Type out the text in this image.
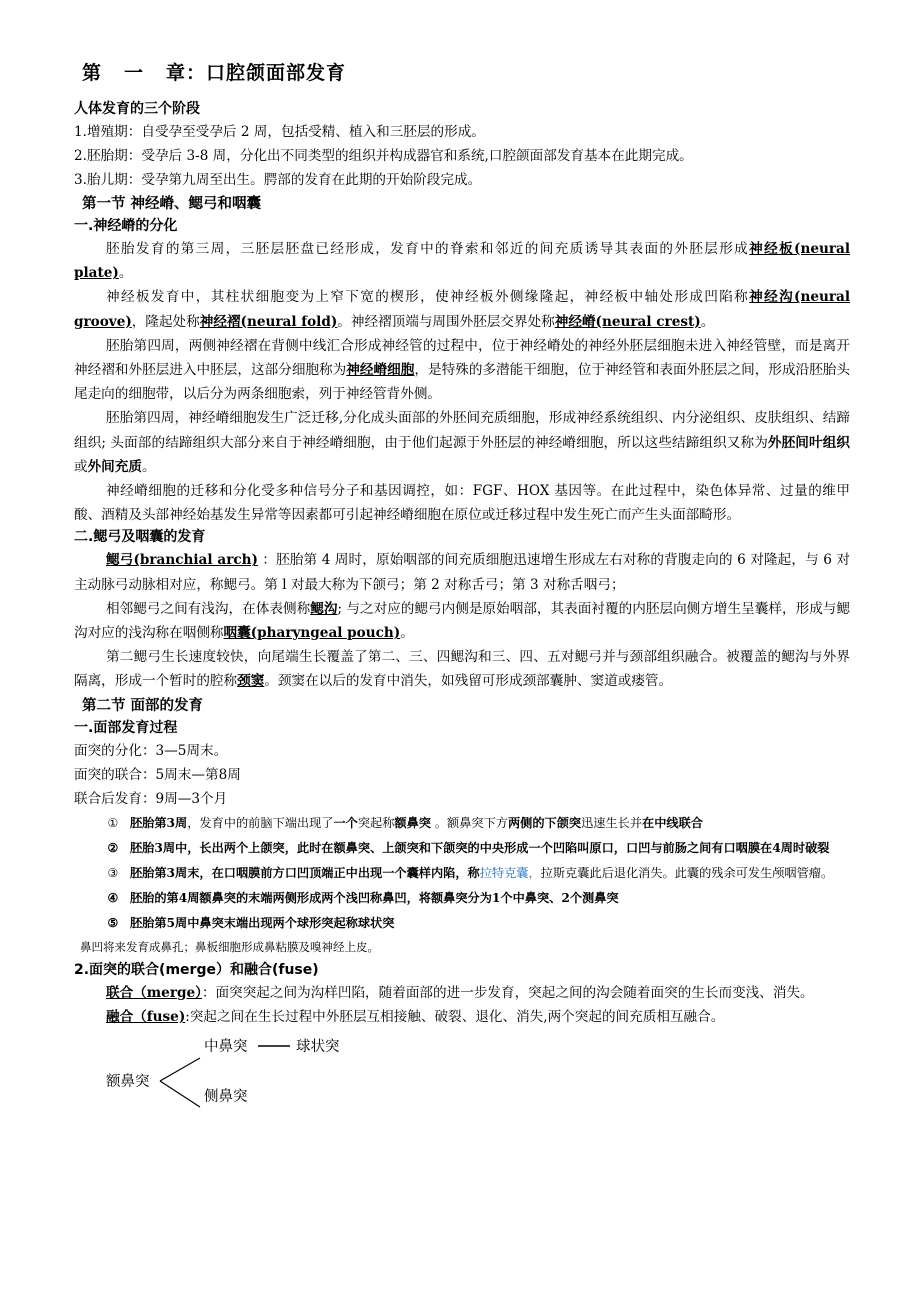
第 一 章：口腔颌面部发育
人体发育的三个阶段
1.增殖期：自受孕至受孕后 2 周，包括受精、植入和三胚层的形成。
2.胚胎期：受孕后 3-8 周，分化出不同类型的组织并构成器官和系统,口腔颌面部发育基本在此期完成。
3.胎儿期：受孕第九周至出生。腭部的发育在此期的开始阶段完成。
第一节 神经嵴、鳃弓和咽囊
一.神经嵴的分化

胚胎发育的第三周，三胚层胚盘已经形成，发育中的脊索和邻近的间充质诱导其表面的外胚层形成神经板(neural plate)。

神经板发育中，其柱状细胞变为上窄下宽的楔形，使神经板外侧缘隆起，神经板中轴处形成凹陷称神经沟(neural groove)，隆起处称神经褶(neural fold)。神经褶顶端与周围外胚层交界处称神经嵴(neural crest)。

胚胎第四周，两侧神经褶在背侧中线汇合形成神经管的过程中，位于神经嵴处的神经外胚层细胞未进入神经管壁，而是离开神经褶和外胚层进入中胚层，这部分细胞称为神经嵴细胞，是特殊的多潜能干细胞，位于神经管和表面外胚层之间，形成沿胚胎头尾走向的细胞带，以后分为两条细胞索，列于神经管背外侧。

胚胎第四周，神经嵴细胞发生广泛迁移,分化成头面部的外胚间充质细胞，形成神经系统组织、内分泌组织、皮肤组织、结蹄组织; 头面部的结蹄组织大部分来自于神经嵴细胞，由于他们起源于外胚层的神经嵴细胞，所以这些结蹄组织又称为外胚间叶组织或外间充质。

神经嵴细胞的迁移和分化受多种信号分子和基因调控，如：FGF、HOX 基因等。在此过程中，染色体异常、过量的维甲酸、酒精及头部神经始基发生异常等因素都可引起神经嵴细胞在原位或迁移过程中发生死亡而产生头面部畸形。

二.鳃弓及咽囊的发育

鳃弓(branchial arch) ：胚胎第 4 周时，原始咽部的间充质细胞迅速增生形成左右对称的背腹走向的 6 对隆起，与 6 对主动脉弓动脉相对应，称鳃弓。第 l 对最大称为下颌弓；第 2 对称舌弓；第 3 对称舌咽弓；

相邻鳃弓之间有浅沟，在体表侧称鳃沟; 与之对应的鳃弓内侧是原始咽部，其表面衬覆的内胚层向侧方增生呈囊样，形成与鳃沟对应的浅沟称在咽侧称咽囊(pharyngeal pouch)。

第二鳃弓生长速度较快，向尾端生长覆盖了第二、三、四鳃沟和三、四、五对鳃弓并与颈部组织融合。被覆盖的鳃沟与外界隔离，形成一个暂时的腔称颈窦。颈窦在以后的发育中消失，如残留可形成颈部囊肿、窦道或瘘管。

第二节 面部的发育
一.面部发育过程
面突的分化：3—5周末。
面突的联合：5周末—第8周
联合后发育：9周—3个月
① 胚胎第3周，发育中的前脑下端出现了一个突起称额鼻突 。额鼻突下方两侧的下颌突迅速生长并在中线联合
② 胚胎3周中，长出两个上颌突，此时在额鼻突、上颌突和下颌突的中央形成一个凹陷叫原口，口凹与前肠之间有口咽膜在4周时破裂
③ 胚胎第3周末，在口咽膜前方口凹顶端正中出现一个囊样内陷，称拉特克囊，拉斯克囊此后退化消失。此囊的残余可发生颅咽管瘤。
④ 胚胎的第4周额鼻突的末端两侧形成两个浅凹称鼻凹，将额鼻突分为1个中鼻突、2个测鼻突
⑤ 胚胎第5周中鼻突末端出现两个球形突起称球状突
鼻凹将来发育成鼻孔；鼻板细胞形成鼻粘膜及嗅神经上皮。
2.面突的联合(merge）和融合(fuse)

联合（merge）：面突突起之间为沟样凹陷，随着面部的进一步发育，突起之间的沟会随着面突的生长而变浅、消失。

融合（fuse):突起之间在生长过程中外胚层互相接触、破裂、退化、消失,两个突起的间充质相互融合。

额鼻突
中鼻突	球状突
侧鼻突
